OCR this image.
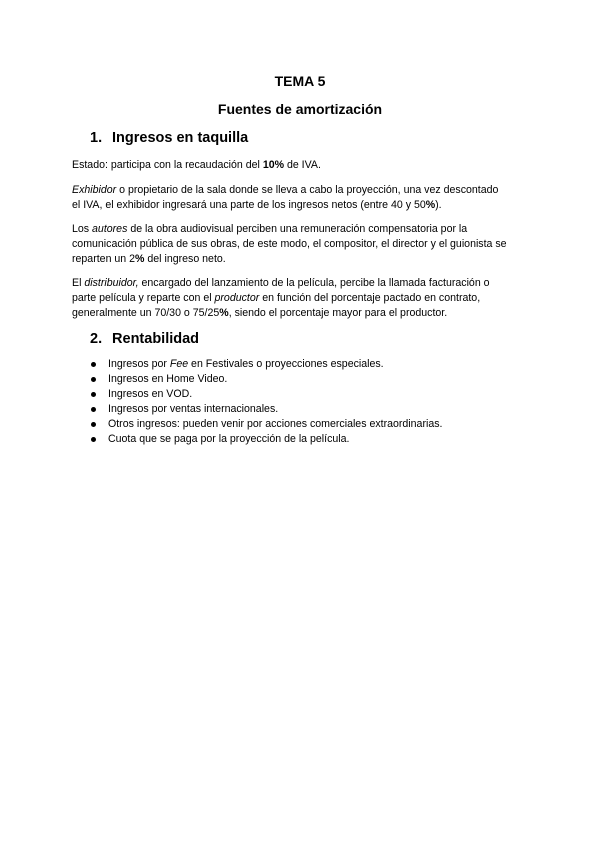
TEMA 5
Fuentes de amortización
1. Ingresos en taquilla

Estado: participa con la recaudación del 10% de IVA.

Exhibidor o propietario de la sala donde se lleva a cabo la proyección, una vez descontado
el IVA, el exhibidor ingresará una parte de los ingresos netos (entre 40 y 50%).

Los autores de la obra audiovisual perciben una remuneración compensatoria por la
comunicación pública de sus obras, de este modo, el compositor, el director y el guionista se
reparten un 2% del ingreso neto.

El distribuidor, encargado del lanzamiento de la película, percibe la llamada facturación o
parte película y reparte con el productor en función del porcentaje pactado en contrato,
generalmente un 70/30 o 75/25%, siendo el porcentaje mayor para el productor.

2. Rentabilidad
Ingresos por Fee en Festivales o proyecciones especiales.
Ingresos en Home Video.
Ingresos en VOD.
Ingresos por ventas internacionales.
Otros ingresos: pueden venir por acciones comerciales extraordinarias.
Cuota que se paga por la proyección de la película.
